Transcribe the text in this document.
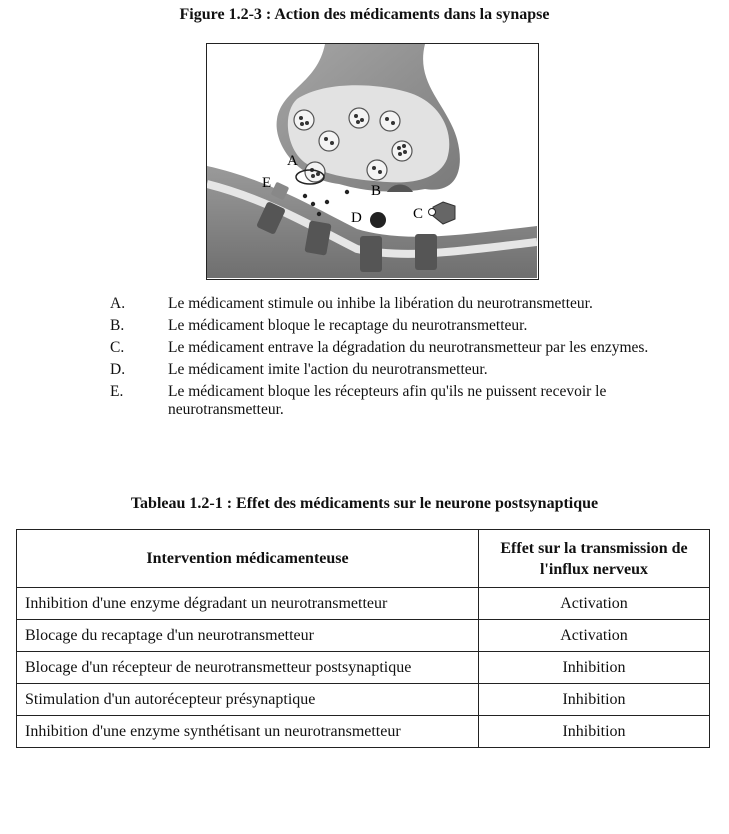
Figure 1.2-3 : Action des médicaments dans la synapse
A
E	B
D	C
A.	Le médicament stimule ou inhibe la libération du neurotransmetteur.
B.	Le médicament bloque le recaptage du neurotransmetteur.
C.	Le médicament entrave la dégradation du neurotransmetteur par les enzymes.
D.	Le médicament imite l'action du neurotransmetteur.
E.	Le médicament bloque les récepteurs afin qu'ils ne puissent recevoir le neurotransmetteur.
Tableau 1.2-1 : Effet des médicaments sur le neurone postsynaptique
Intervention médicamenteuse	Effet sur la transmission de l'influx nerveux
Inhibition d'une enzyme dégradant un neurotransmetteur	Activation
Blocage du recaptage d'un neurotransmetteur	Activation
Blocage d'un récepteur de neurotransmetteur postsynaptique	Inhibition
Stimulation d'un autorécepteur présynaptique	Inhibition
Inhibition d'une enzyme synthétisant un neurotransmetteur	Inhibition
